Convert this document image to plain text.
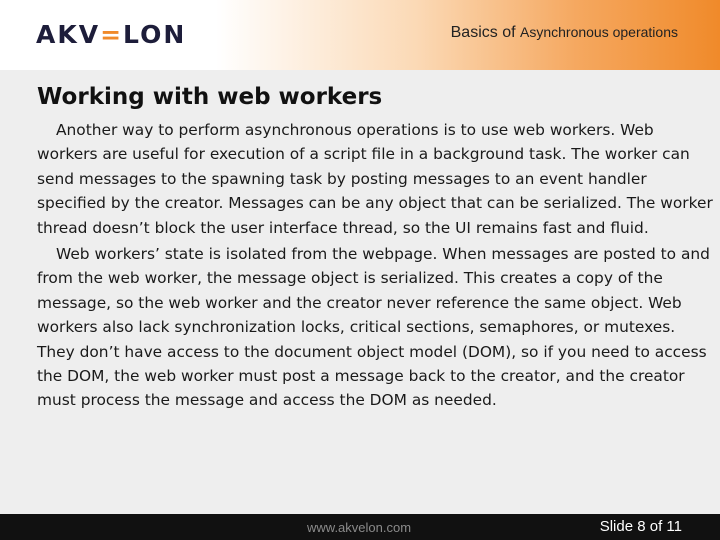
AKV=LON	Basics of Asynchronous operations
Working with web workers

Another way to perform asynchronous operations is to use web workers. Web workers are useful for execution of a script file in a background task. The worker can send messages to the spawning task by posting messages to an event handler specified by the creator. Messages can be any object that can be serialized. The worker thread doesn’t block the user interface thread, so the UI remains fast and fluid.

Web workers’ state is isolated from the webpage. When messages are posted to and from the web worker, the message object is serialized. This creates a copy of the message, so the web worker and the creator never reference the same object. Web workers also lack synchronization locks, critical sections, semaphores, or mutexes. They don’t have access to the document object model (DOM), so if you need to access the DOM, the web worker must post a message back to the creator, and the creator must process the message and access the DOM as needed.

www.akvelon.com	Slide 8 of 11
